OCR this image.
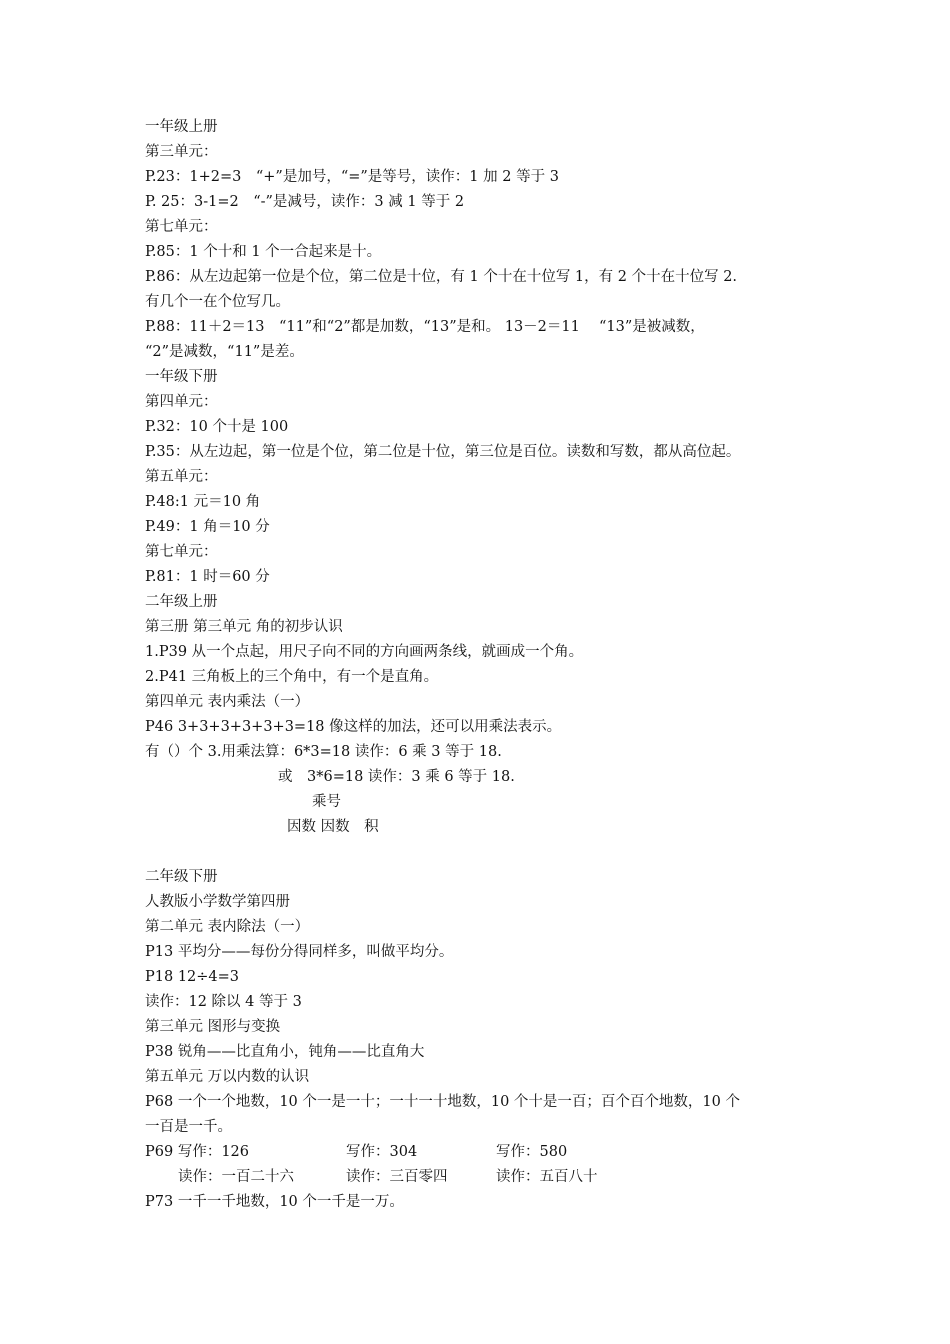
一年级上册
第三单元：
P.23：1+2=3　“+”是加号，“=”是等号，读作：1 加 2 等于 3
P. 25：3-1=2　“-”是减号，读作：3 减 1 等于 2
第七单元：
P.85：1 个十和 1 个一合起来是十。
P.86：从左边起第一位是个位，第二位是十位，有 1 个十在十位写 1，有 2 个十在十位写 2.
有几个一在个位写几。
P.88：11＋2＝13　“11”和“2”都是加数，“13”是和。 13－2＝11　 “13”是被减数，
“2”是减数，“11”是差。
一年级下册
第四单元：
P.32：10 个十是 100
P.35：从左边起，第一位是个位，第二位是十位，第三位是百位。读数和写数，都从高位起。
第五单元：
P.48:1 元＝10 角
P.49：1 角＝10 分
第七单元：
P.81：1 时＝60 分
二年级上册
第三册 第三单元 角的初步认识
1.P39 从一个点起，用尺子向不同的方向画两条线，就画成一个角。
2.P41 三角板上的三个角中，有一个是直角。
第四单元 表内乘法（一）
P46 3+3+3+3+3+3=18 像这样的加法，还可以用乘法表示。
有（）个 3.用乘法算：6*3=18 读作：6 乘 3 等于 18.
或　3*6=18 读作：3 乘 6 等于 18.
乘号
因数 因数　积
二年级下册
人教版小学数学第四册
第二单元 表内除法（一）
P13 平均分——每份分得同样多，叫做平均分。
P18 12÷4=3
读作：12 除以 4 等于 3
第三单元 图形与变换
P38 锐角——比直角小，钝角——比直角大
第五单元 万以内数的认识
P68 一个一个地数，10 个一是一十；一十一十地数，10 个十是一百；百个百个地数，10 个
一百是一千。
P69 写作：126	写作：304	写作：580
读作：一百二十六	读作：三百零四	读作：五百八十
P73 一千一千地数，10 个一千是一万。
